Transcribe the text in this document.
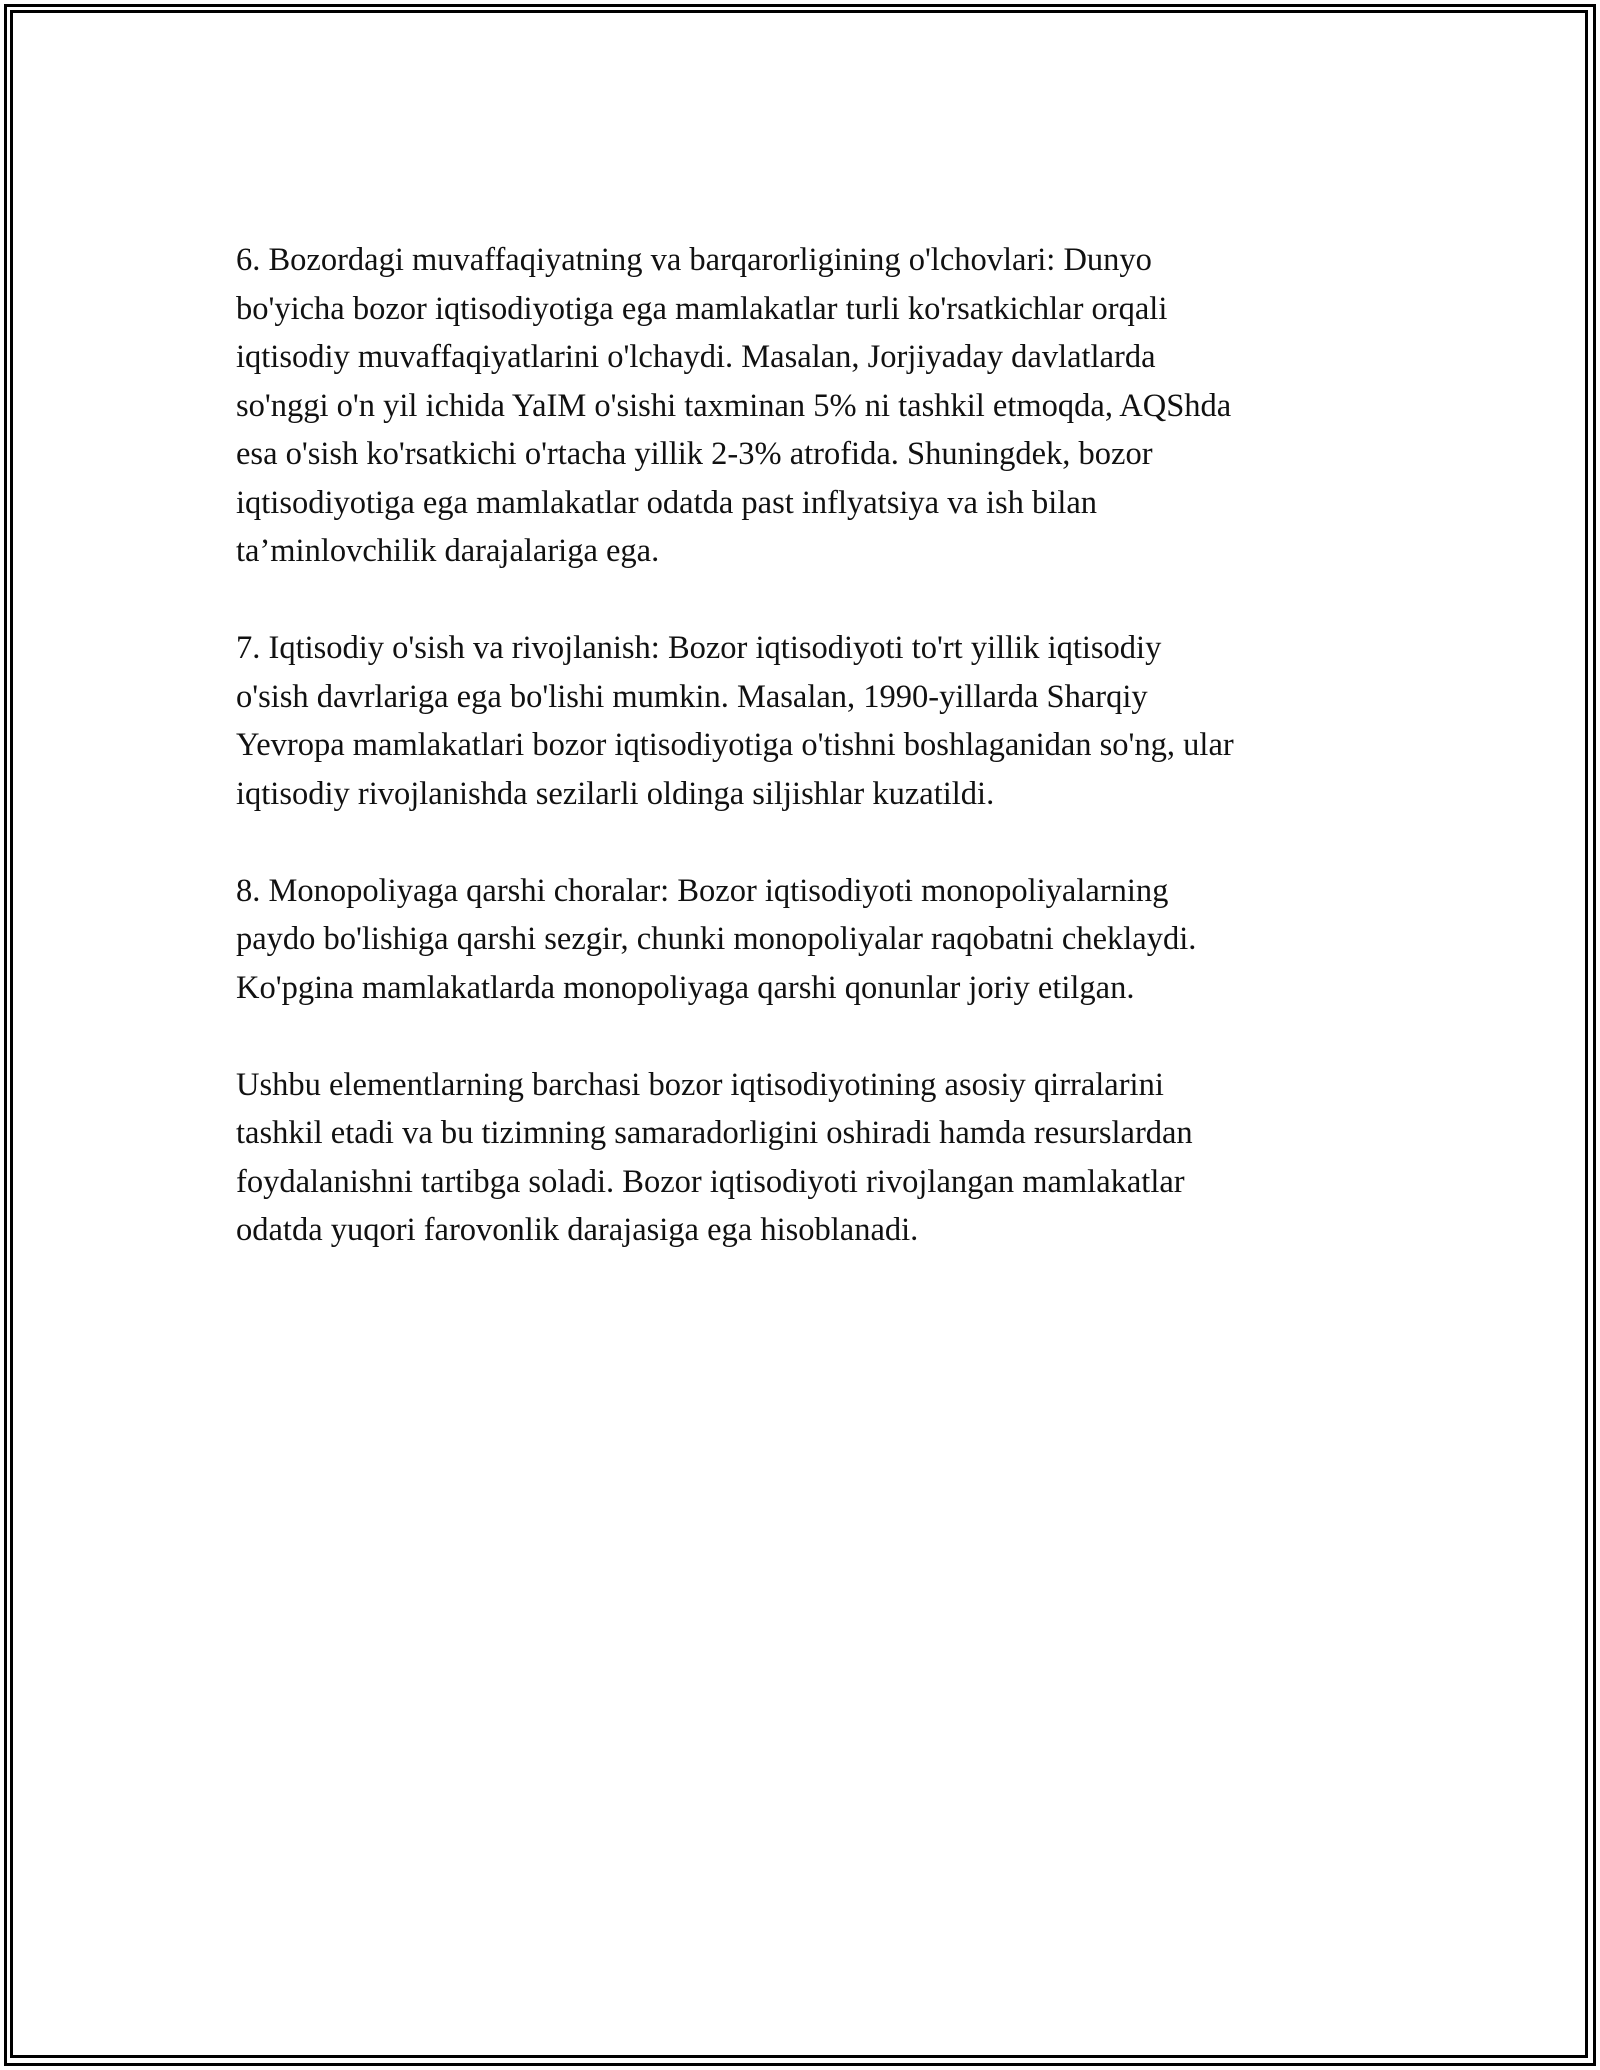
6. Bozordagi muvaffaqiyatning va barqarorligining o'lchovlari: Dunyo
bo'yicha bozor iqtisodiyotiga ega mamlakatlar turli ko'rsatkichlar orqali
iqtisodiy muvaffaqiyatlarini o'lchaydi. Masalan, Jorjiyaday davlatlarda
so'nggi o'n yil ichida YaIM o'sishi taxminan 5% ni tashkil etmoqda, AQShda
esa o'sish ko'rsatkichi o'rtacha yillik 2-3% atrofida. Shuningdek, bozor
iqtisodiyotiga ega mamlakatlar odatda past inflyatsiya va ish bilan
ta’minlovchilik darajalariga ega.

7. Iqtisodiy o'sish va rivojlanish: Bozor iqtisodiyoti to'rt yillik iqtisodiy
o'sish davrlariga ega bo'lishi mumkin. Masalan, 1990-yillarda Sharqiy
Yevropa mamlakatlari bozor iqtisodiyotiga o'tishni boshlaganidan so'ng, ular
iqtisodiy rivojlanishda sezilarli oldinga siljishlar kuzatildi.

8. Monopoliyaga qarshi choralar: Bozor iqtisodiyoti monopoliyalarning
paydo bo'lishiga qarshi sezgir, chunki monopoliyalar raqobatni cheklaydi.
Ko'pgina mamlakatlarda monopoliyaga qarshi qonunlar joriy etilgan.

Ushbu elementlarning barchasi bozor iqtisodiyotining asosiy qirralarini
tashkil etadi va bu tizimning samaradorligini oshiradi hamda resurslardan
foydalanishni tartibga soladi. Bozor iqtisodiyoti rivojlangan mamlakatlar
odatda yuqori farovonlik darajasiga ega hisoblanadi.
